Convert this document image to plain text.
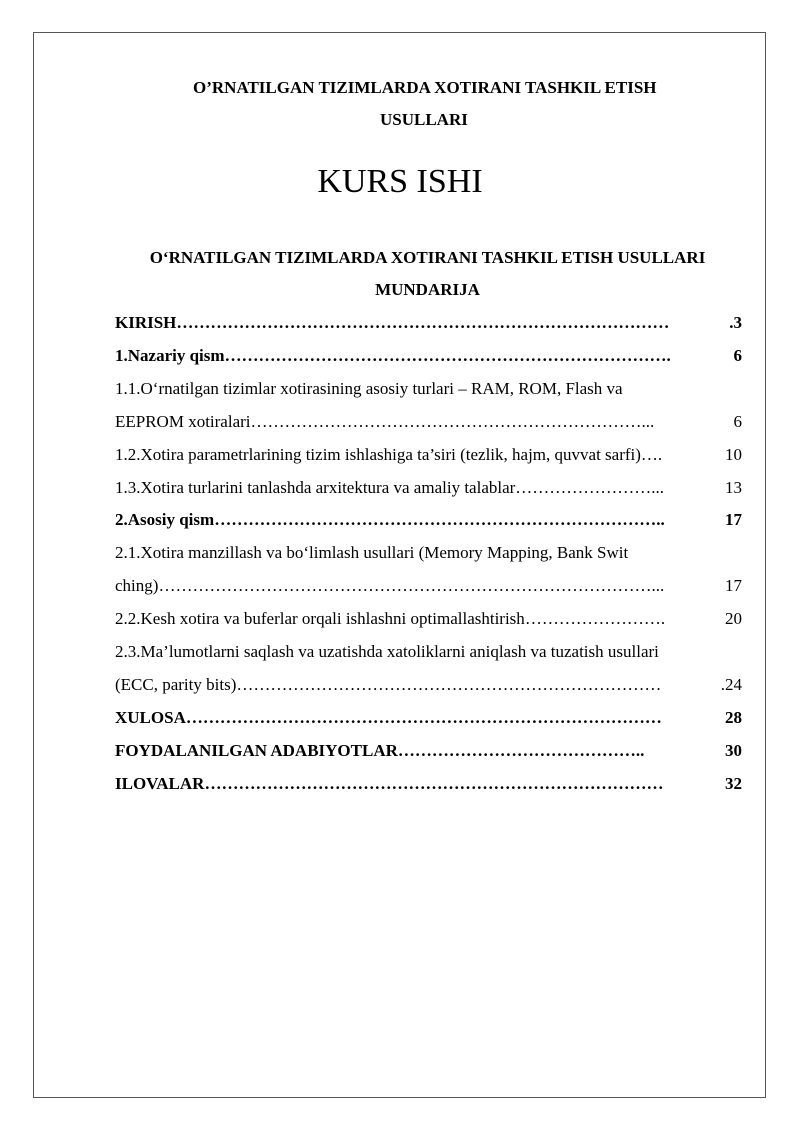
O’RNATILGAN TIZIMLARDA XOTIRANI TASHKIL ETISH
USULLARI
KURS ISHI
O‘RNATILGAN TIZIMLARDA XOTIRANI TASHKIL ETISH USULLARI
MUNDARIJA
KIRISH ……………………………………………………………………………	.3
1.Nazariy qism …………………………………………………………………….	6
1.1.O‘rnatilgan tizimlar xotirasining asosiy turlari – RAM, ROM, Flash va
EEPROM xotiralari ……………………………………………………………...	6
1.2.Xotira parametrlarining tizim ishlashiga ta’siri (tezlik, hajm, quvvat sarfi) ….	10
1.3.Xotira turlarini tanlashda arxitektura va amaliy talablar ……………………...	13
2.Asosiy qism ……………………………………………………………………..	17
2.1.Xotira manzillash va bo‘limlash usullari (Memory Mapping, Bank Swit
ching) ……………………………………………………………………………...	17
2.2.Kesh xotira va buferlar orqali ishlashni optimallashtirish …………………….	20
2.3.Ma’lumotlarni saqlash va uzatishda xatoliklarni aniqlash va tuzatish usullari
(ECC, parity bits) …………………………………………………………………	.24
XULOSA …………………………………………………………………………	28
FOYDALANILGAN ADABIYOTLAR ……………………………………..	30
ILOVALAR ………………………………………………………………………	32
